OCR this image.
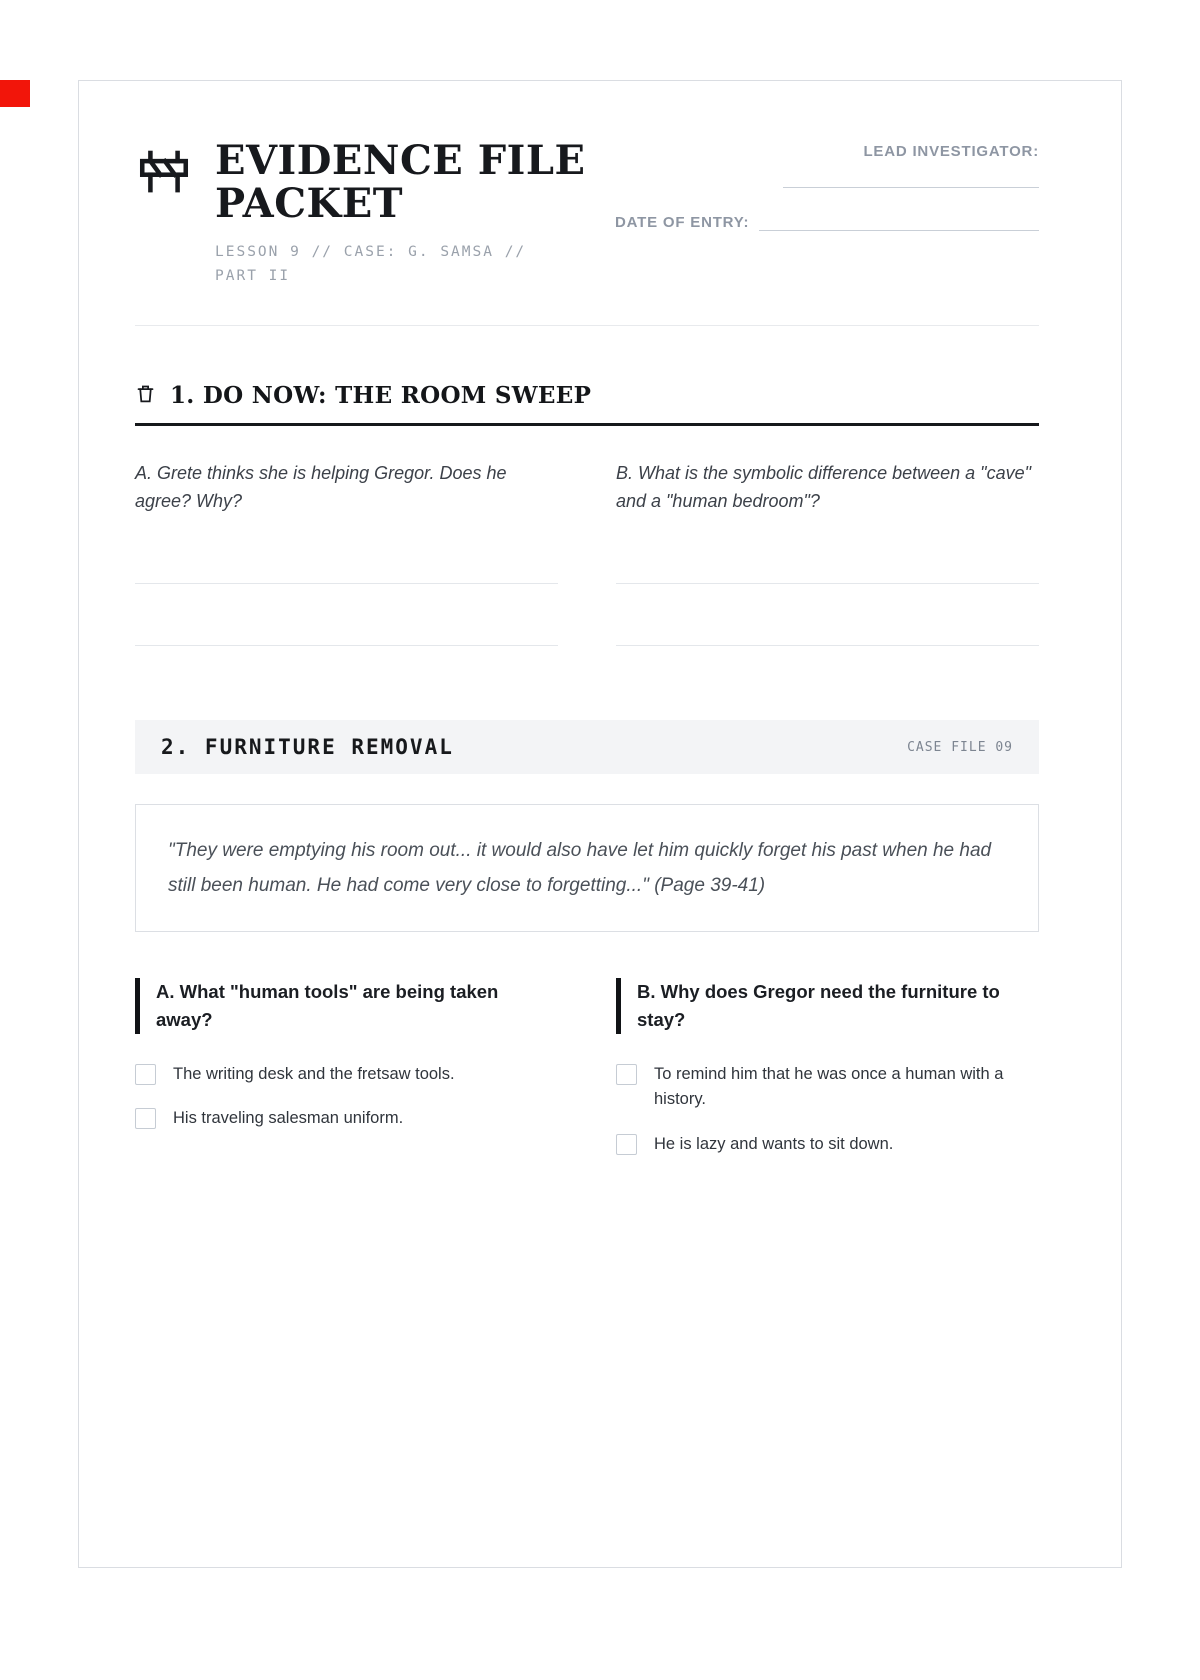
EVIDENCE FILE
PACKET
LESSON 9 // CASE: G. SAMSA // PART II
LEAD INVESTIGATOR:
DATE OF ENTRY:
1. DO NOW: THE ROOM SWEEP

A. Grete thinks she is helping Gregor. Does he agree? Why?

B. What is the symbolic difference between a "cave" and a "human bedroom"?

2. FURNITURE REMOVAL	CASE FILE 09
"They were emptying his room out... it would also have let him quickly forget his past when he had still been human. He had come very close to forgetting..." (Page 39-41)
A. What "human tools" are being taken away?
The writing desk and the fretsaw tools.
His traveling salesman uniform.
B. Why does Gregor need the furniture to stay?
To remind him that he was once a human with a history.
He is lazy and wants to sit down.
